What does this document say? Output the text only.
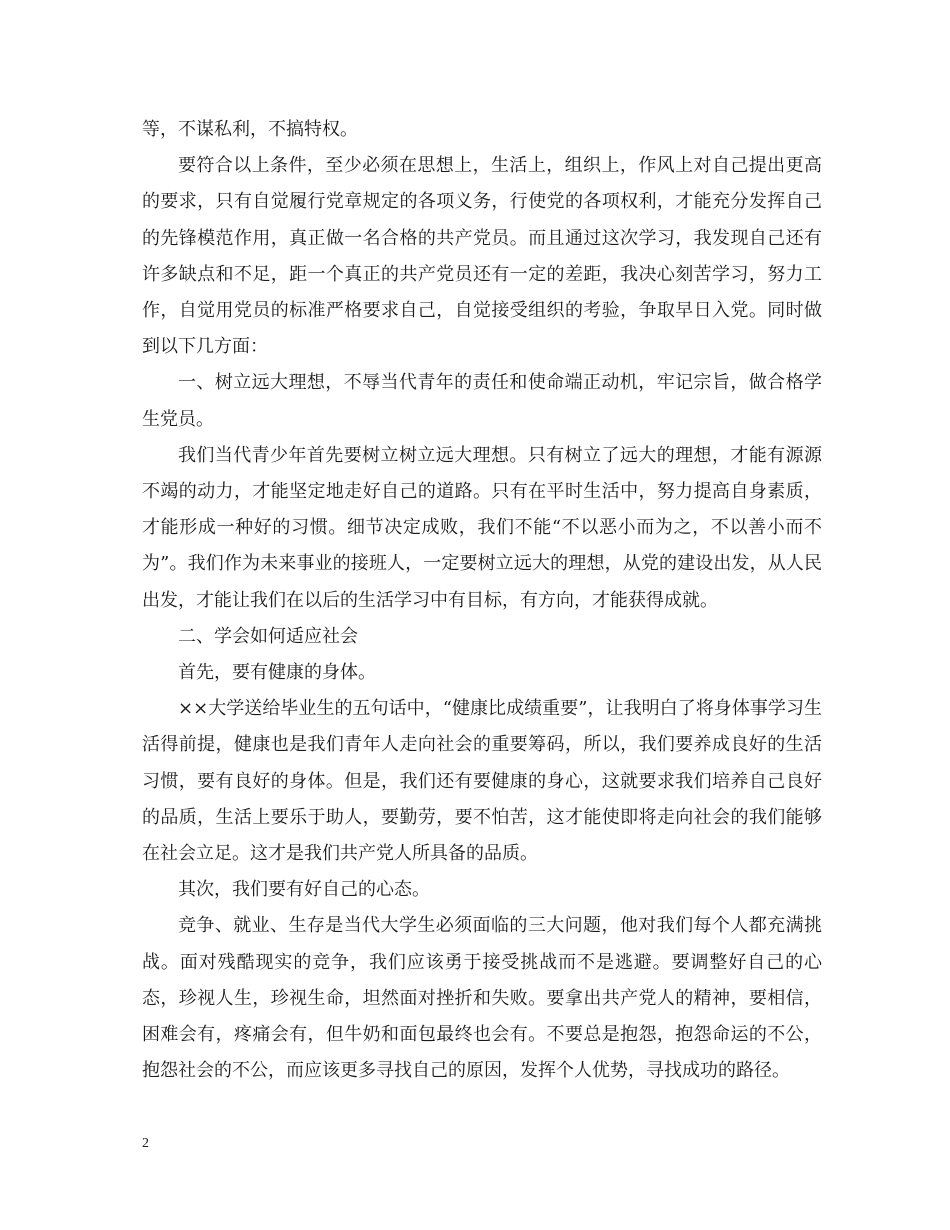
等，不谋私利，不搞特权。

要符合以上条件，至少必须在思想上，生活上，组织上，作风上对自己提出更高的要求，只有自觉履行党章规定的各项义务，行使党的各项权利，才能充分发挥自己的先锋模范作用，真正做一名合格的共产党员。而且通过这次学习，我发现自己还有许多缺点和不足，距一个真正的共产党员还有一定的差距，我决心刻苦学习，努力工作，自觉用党员的标准严格要求自己，自觉接受组织的考验，争取早日入党。同时做到以下几方面：

一、树立远大理想，不辱当代青年的责任和使命端正动机，牢记宗旨，做合格学生党员。

我们当代青少年首先要树立树立远大理想。只有树立了远大的理想，才能有源源不竭的动力，才能坚定地走好自己的道路。只有在平时生活中，努力提高自身素质，才能形成一种好的习惯。细节决定成败，我们不能“不以恶小而为之，不以善小而不为”。我们作为未来事业的接班人，一定要树立远大的理想，从党的建设出发，从人民出发，才能让我们在以后的生活学习中有目标，有方向，才能获得成就。

二、学会如何适应社会

首先，要有健康的身体。

××大学送给毕业生的五句话中，“健康比成绩重要”，让我明白了将身体事学习生活得前提，健康也是我们青年人走向社会的重要筹码，所以，我们要养成良好的生活习惯，要有良好的身体。但是，我们还有要健康的身心，这就要求我们培养自己良好的品质，生活上要乐于助人，要勤劳，要不怕苦，这才能使即将走向社会的我们能够在社会立足。这才是我们共产党人所具备的品质。

其次，我们要有好自己的心态。

竞争、就业、生存是当代大学生必须面临的三大问题，他对我们每个人都充满挑战。面对残酷现实的竞争，我们应该勇于接受挑战而不是逃避。要调整好自己的心态，珍视人生，珍视生命，坦然面对挫折和失败。要拿出共产党人的精神，要相信，困难会有，疼痛会有，但牛奶和面包最终也会有。不要总是抱怨，抱怨命运的不公，抱怨社会的不公，而应该更多寻找自己的原因，发挥个人优势，寻找成功的路径。

2
